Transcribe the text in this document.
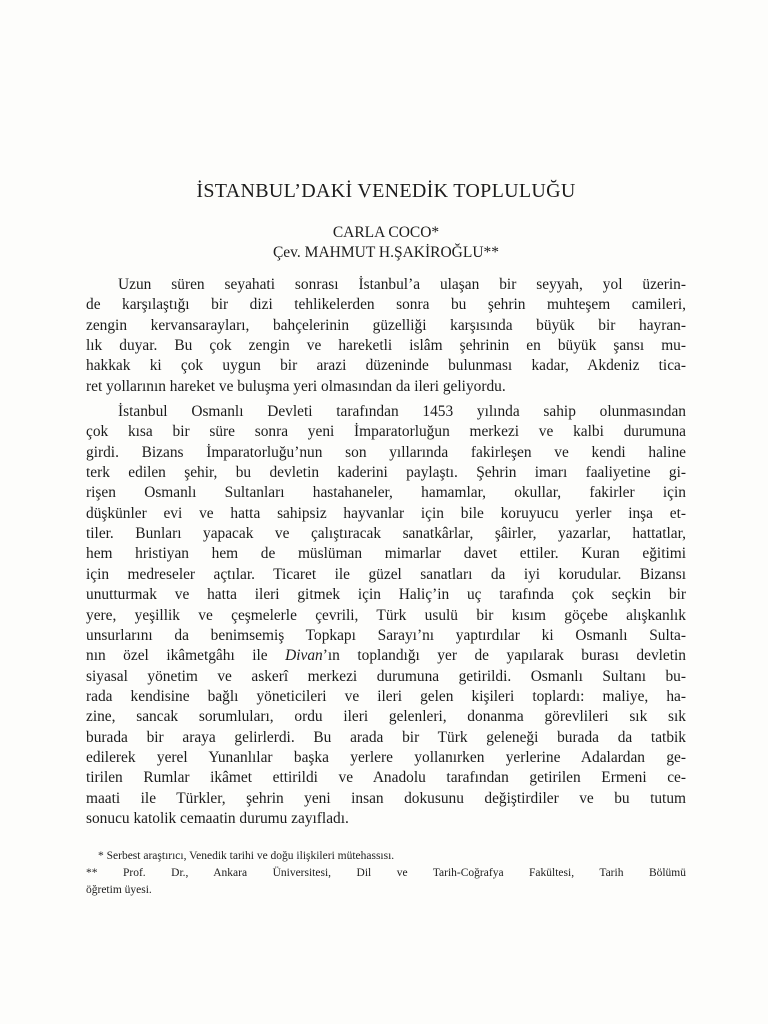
İSTANBUL’DAKİ VENEDİK TOPLULUĞU
CARLA COCO*
Çev. MAHMUT H.ŞAKİROĞLU**

Uzun süren seyahati sonrası İstanbul’a ulaşan bir seyyah, yol üzerin-
de karşılaştığı bir dizi tehlikelerden sonra bu şehrin muhteşem camileri,
zengin kervansarayları, bahçelerinin güzelliği karşısında büyük bir hayran-
lık duyar. Bu çok zengin ve hareketli islâm şehrinin en büyük şansı mu-
hakkak ki çok uygun bir arazi düzeninde bulunması kadar, Akdeniz tica-
ret yollarının hareket ve buluşma yeri olmasından da ileri geliyordu.

İstanbul Osmanlı Devleti tarafından 1453 yılında sahip olunmasından
çok kısa bir süre sonra yeni İmparatorluğun merkezi ve kalbi durumuna
girdi. Bizans İmparatorluğu’nun son yıllarında fakirleşen ve kendi haline
terk edilen şehir, bu devletin kaderini paylaştı. Şehrin imarı faaliyetine gi-
rişen Osmanlı Sultanları hastahaneler, hamamlar, okullar, fakirler için
düşkünler evi ve hatta sahipsiz hayvanlar için bile koruyucu yerler inşa et-
tiler. Bunları yapacak ve çalıştıracak sanatkârlar, şâirler, yazarlar, hattatlar,
hem hristiyan hem de müslüman mimarlar davet ettiler. Kuran eğitimi
için medreseler açtılar. Ticaret ile güzel sanatları da iyi korudular. Bizansı
unutturmak ve hatta ileri gitmek için Haliç’in uç tarafında çok seçkin bir
yere, yeşillik ve çeşmelerle çevrili, Türk usulü bir kısım göçebe alışkanlık
unsurlarını da benimsemiş Topkapı Sarayı’nı yaptırdılar ki Osmanlı Sulta-
nın özel ikâmetgâhı ile Divan’ın toplandığı yer de yapılarak burası devletin
siyasal yönetim ve askerî merkezi durumuna getirildi. Osmanlı Sultanı bu-
rada kendisine bağlı yöneticileri ve ileri gelen kişileri toplardı: maliye, ha-
zine, sancak sorumluları, ordu ileri gelenleri, donanma görevlileri sık sık
burada bir araya gelirlerdi. Bu arada bir Türk geleneği burada da tatbik
edilerek yerel Yunanlılar başka yerlere yollanırken yerlerine Adalardan ge-
tirilen Rumlar ikâmet ettirildi ve Anadolu tarafından getirilen Ermeni ce-
maati ile Türkler, şehrin yeni insan dokusunu değiştirdiler ve bu tutum
sonucu katolik cemaatin durumu zayıfladı.

* Serbest araştırıcı, Venedik tarihi ve doğu ilişkileri mütehassısı.
** Prof. Dr., Ankara Üniversitesi, Dil ve Tarih-Coğrafya Fakültesi, Tarih Bölümü
öğretim üyesi.
